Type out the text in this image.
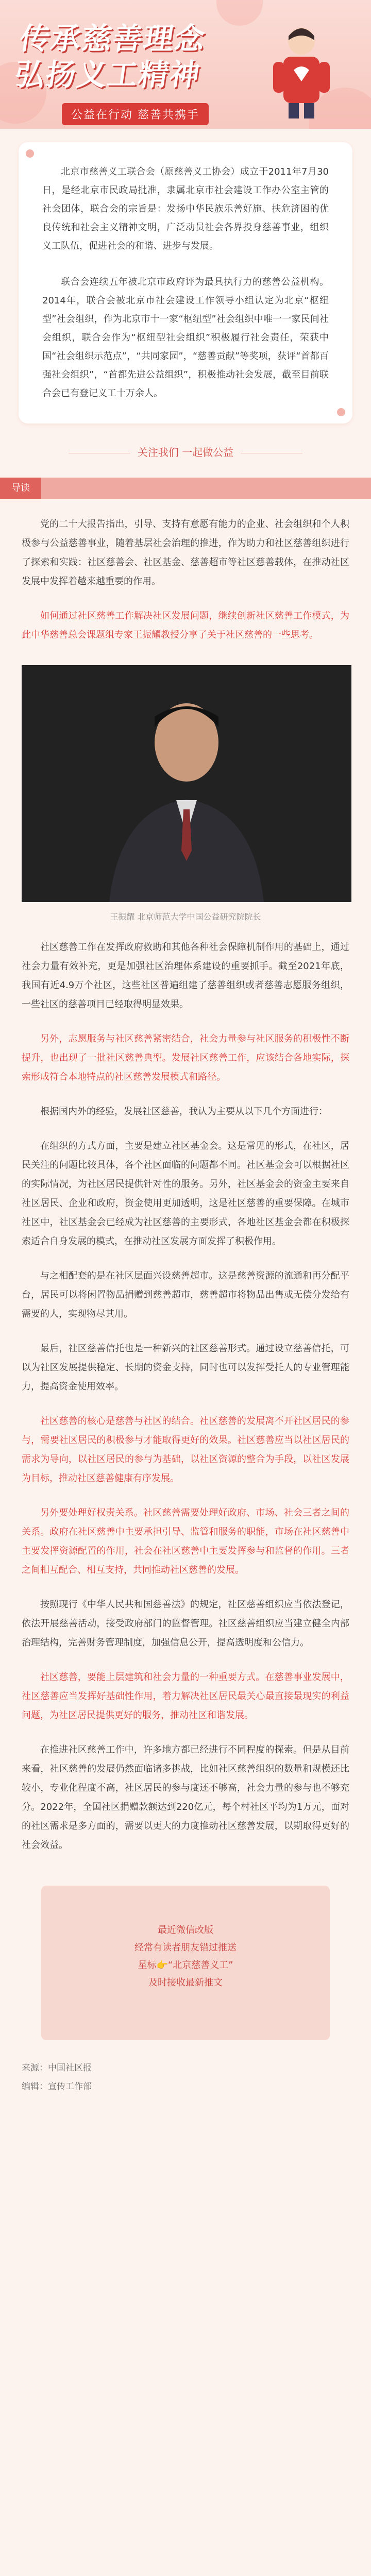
传承慈善理念
弘扬义工精神
公益在行动 慈善共携手

北京市慈善义工联合会（原慈善义工协会）成立于2011年7月30日，是经北京市民政局批准，隶属北京市社会建设工作办公室主管的社会团体，联合会的宗旨是：发扬中华民族乐善好施、扶危济困的优良传统和社会主义精神文明，广泛动员社会各界投身慈善事业，组织义工队伍，促进社会的和谐、进步与发展。

联合会连续五年被北京市政府评为最具执行力的慈善公益机构。2014年，联合会被北京市社会建设工作领导小组认定为北京“枢纽型”社会组织，作为北京市十一家“枢纽型”社会组织中唯一一家民间社会组织，联合会作为“枢纽型社会组织”积极履行社会责任，荣获中国“社会组织示范点”，“共同家园”，“慈善贡献”等奖项，获评“首都百强社会组织”，“首都先进公益组织”，积极推动社会发展，截至目前联合会已有登记义工十万余人。

关注我们 一起做公益
导读

党的二十大报告指出，引导、支持有意愿有能力的企业、社会组织和个人积极参与公益慈善事业，随着基层社会治理的推进，作为助力和社区慈善组织进行了探索和实践：社区慈善会、社区基金、慈善超市等社区慈善载体，在推动社区发展中发挥着越来越重要的作用。

如何通过社区慈善工作解决社区发展问题，继续创新社区慈善工作模式，为此中华慈善总会课题组专家王振耀教授分享了关于社区慈善的一些思考。

王振耀 北京师范大学中国公益研究院院长

社区慈善工作在发挥政府救助和其他各种社会保障机制作用的基础上，通过社会力量有效补充，更是加强社区治理体系建设的重要抓手。截至2021年底，我国有近4.9万个社区，这些社区普遍组建了慈善组织或者慈善志愿服务组织，一些社区的慈善项目已经取得明显效果。

另外，志愿服务与社区慈善紧密结合，社会力量参与社区服务的积极性不断提升，也出现了一批社区慈善典型。发展社区慈善工作，应该结合各地实际，探索形成符合本地特点的社区慈善发展模式和路径。

根据国内外的经验，发展社区慈善，我认为主要从以下几个方面进行：

在组织的方式方面，主要是建立社区基金会。这是常见的形式，在社区，居民关注的问题比较具体，各个社区面临的问题都不同。社区基金会可以根据社区的实际情况，为社区居民提供针对性的服务。另外，社区基金会的资金主要来自社区居民、企业和政府，资金使用更加透明，这是社区慈善的重要保障。在城市社区中，社区基金会已经成为社区慈善的主要形式，各地社区基金会都在积极探索适合自身发展的模式，在推动社区发展方面发挥了积极作用。

与之相配套的是在社区层面兴设慈善超市。这是慈善资源的流通和再分配平台，居民可以将闲置物品捐赠到慈善超市，慈善超市将物品出售或无偿分发给有需要的人，实现物尽其用。

最后，社区慈善信托也是一种新兴的社区慈善形式。通过设立慈善信托，可以为社区发展提供稳定、长期的资金支持，同时也可以发挥受托人的专业管理能力，提高资金使用效率。

社区慈善的核心是慈善与社区的结合。社区慈善的发展离不开社区居民的参与，需要社区居民的积极参与才能取得更好的效果。社区慈善应当以社区居民的需求为导向，以社区居民的参与为基础，以社区资源的整合为手段，以社区发展为目标，推动社区慈善健康有序发展。

另外要处理好权责关系。社区慈善需要处理好政府、市场、社会三者之间的关系。政府在社区慈善中主要承担引导、监管和服务的职能，市场在社区慈善中主要发挥资源配置的作用，社会在社区慈善中主要发挥参与和监督的作用。三者之间相互配合、相互支持，共同推动社区慈善的发展。

按照现行《中华人民共和国慈善法》的规定，社区慈善组织应当依法登记，依法开展慈善活动，接受政府部门的监督管理。社区慈善组织应当建立健全内部治理结构，完善财务管理制度，加强信息公开，提高透明度和公信力。

社区慈善，要能上层建筑和社会力量的一种重要方式。在慈善事业发展中，社区慈善应当发挥好基础性作用，着力解决社区居民最关心最直接最现实的利益问题，为社区居民提供更好的服务，推动社区和谐发展。

在推进社区慈善工作中，许多地方都已经进行不同程度的探索。但是从目前来看，社区慈善的发展仍然面临诸多挑战，比如社区慈善组织的数量和规模还比较小，专业化程度不高，社区居民的参与度还不够高，社会力量的参与也不够充分。2022年，全国社区捐赠款额达到220亿元，每个村社区平均为1万元，面对的社区需求是多方面的，需要以更大的力度推动社区慈善发展，以期取得更好的社会效益。

最近微信改版
经常有读者朋友错过推送
星标👉“北京慈善义工”
及时接收最新推文
来源：中国社区报
编辑：宣传工作部
